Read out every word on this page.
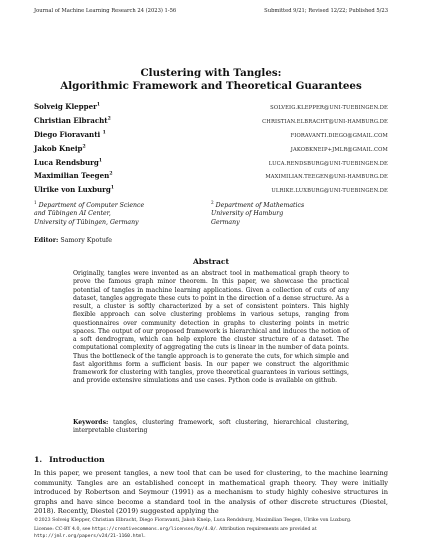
Journal of Machine Learning Research 24 (2023) 1-56	Submitted 9/21; Revised 12/22; Published 5/23
Clustering with Tangles:
Algorithmic Framework and Theoretical Guarantees
Solveig Klepper$^1$	SOLVEIG.KLEPPER@UNI-TUEBINGEN.DE
Christian Elbracht$^2$	CHRISTIAN.ELBRACHT@UNI-HAMBURG.DE
Diego Fioravanti $^1$	FIORAVANTI.DIEGO@GMAIL.COM
Jakob Kneip$^2$	JAKOBKNEIP+JMLR@GMAIL.COM
Luca Rendsburg$^1$	LUCA.RENDSBURG@UNI-TUEBINGEN.DE
Maximilian Teegen$^2$	MAXIMILIAN.TEEGEN@UNI-HAMBURG.DE
Ulrike von Luxburg$^1$	ULRIKE.LUXBURG@UNI-TUEBINGEN.DE
$^1$ Department of Computer Science
and Tübingen AI Center,
University of Tübingen, Germany
$^2$ Department of Mathematics
University of Hamburg
Germany
Editor: Samory Kpotufe
Abstract
Originally, tangles were invented as an abstract tool in mathematical graph theory to prove the famous graph minor theorem. In this paper, we showcase the practical potential of tangles in machine learning applications. Given a collection of cuts of any dataset, tangles aggregate these cuts to point in the direction of a dense structure. As a result, a cluster is softly characterized by a set of consistent pointers. This highly flexible approach can solve clustering problems in various setups, ranging from questionnaires over community detection in graphs to clustering points in metric spaces. The output of our proposed framework is hierarchical and induces the notion of a soft dendrogram, which can help explore the cluster structure of a dataset. The computational complexity of aggregating the cuts is linear in the number of data points. Thus the bottleneck of the tangle approach is to generate the cuts, for which simple and fast algorithms form a sufficient basis. In our paper we construct the algorithmic framework for clustering with tangles, prove theoretical guarantees in various settings, and provide extensive simulations and use cases. Python code is available on github.
Keywords: tangles, clustering framework, soft clustering, hierarchical clustering, interpretable clustering
1. Introduction
In this paper, we present tangles, a new tool that can be used for clustering, to the machine learning community. Tangles are an established concept in mathematical graph theory. They were initially introduced by Robertson and Seymour (1991) as a mechanism to study highly cohesive structures in graphs and have since become a standard tool in the analysis of other discrete structures (Diestel, 2018). Recently, Diestel (2019) suggested applying the
©2023 Solveig Klepper, Christian Elbracht, Diego Fioravanti, Jakob Kneip, Luca Rendsburg, Maximilian Teegen, Ulrike von Luxburg.
License: CC-BY 4.0, see https://creativecommons.org/licenses/by/4.0/. Attribution requirements are provided at http://jmlr.org/papers/v24/21-1160.html.
